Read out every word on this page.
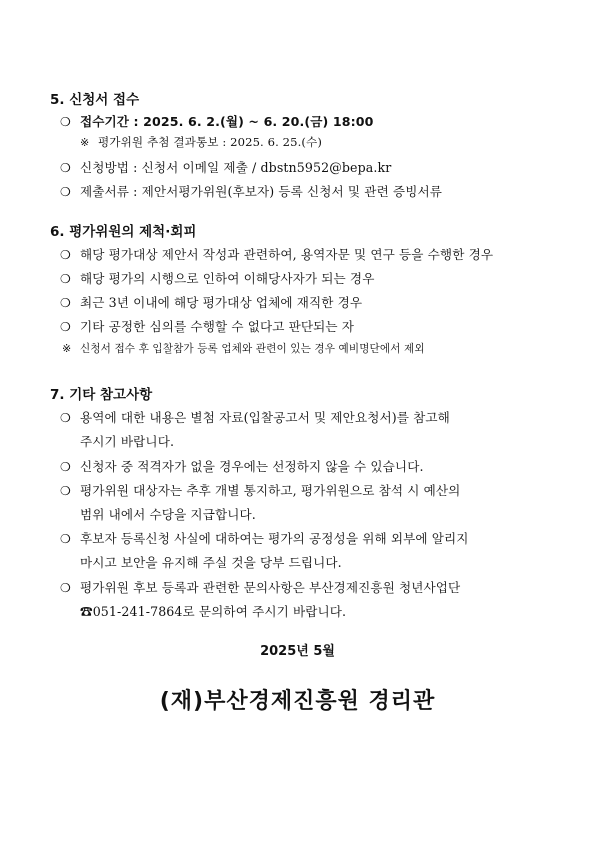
5. 신청서 접수
❍ 접수기간 : 2025. 6. 2.(월) ~ 6. 20.(금) 18:00
※ 평가위원 추첨 결과통보 : 2025. 6. 25.(수)
❍ 신청방법 : 신청서 이메일 제출 / dbstn5952@bepa.kr
❍ 제출서류 : 제안서평가위원(후보자) 등록 신청서 및 관련 증빙서류
6. 평가위원의 제척·회피
❍ 해당 평가대상 제안서 작성과 관련하여, 용역자문 및 연구 등을 수행한 경우
❍ 해당 평가의 시행으로 인하여 이해당사자가 되는 경우
❍ 최근 3년 이내에 해당 평가대상 업체에 재직한 경우
❍ 기타 공정한 심의를 수행할 수 없다고 판단되는 자
※ 신청서 접수 후 입찰참가 등록 업체와 관련이 있는 경우 예비명단에서 제외
7. 기타 참고사항
❍ 용역에 대한 내용은 별첨 자료(입찰공고서 및 제안요청서)를 참고해
주시기 바랍니다.
❍ 신청자 중 적격자가 없을 경우에는 선정하지 않을 수 있습니다.
❍ 평가위원 대상자는 추후 개별 통지하고, 평가위원으로 참석 시 예산의
범위 내에서 수당을 지급합니다.
❍ 후보자 등록신청 사실에 대하여는 평가의 공정성을 위해 외부에 알리지
마시고 보안을 유지해 주실 것을 당부 드립니다.
❍ 평가위원 후보 등록과 관련한 문의사항은 부산경제진흥원 청년사업단
☎051-241-7864로 문의하여 주시기 바랍니다.
2025년 5월
(재)부산경제진흥원 경리관
